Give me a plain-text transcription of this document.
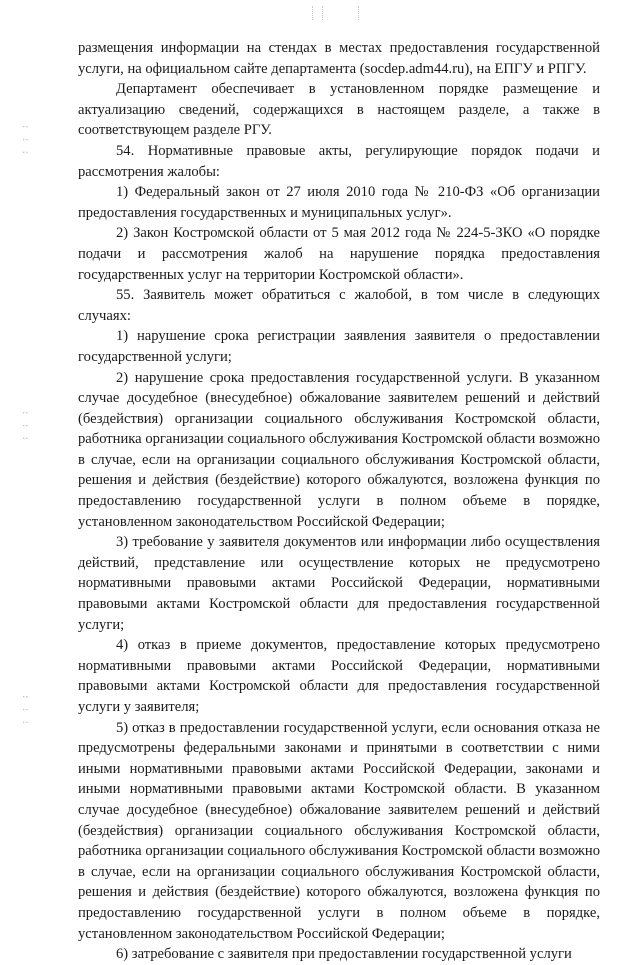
: : :
: : :
: : :

размещения информации на стендах в местах предоставления государственной услуги, на официальном сайте департамента (socdep.adm44.ru), на ЕПГУ и РПГУ.

Департамент обеспечивает в установленном порядке размещение и актуализацию сведений, содержащихся в настоящем разделе, а также в соответствующем разделе РГУ.

54. Нормативные правовые акты, регулирующие порядок подачи и рассмотрения жалобы:

1) Федеральный закон от 27 июля 2010 года № 210-ФЗ «Об организации предоставления государственных и муниципальных услуг».

2) Закон Костромской области от 5 мая 2012 года № 224-5-ЗКО «О порядке подачи и рассмотрения жалоб на нарушение порядка предоставления государственных услуг на территории Костромской области».

55. Заявитель может обратиться с жалобой, в том числе в следующих случаях:

1) нарушение срока регистрации заявления заявителя о предоставлении государственной услуги;

2) нарушение срока предоставления государственной услуги. В указанном случае досудебное (внесудебное) обжалование заявителем решений и действий (бездействия) организации социального обслуживания Костромской области, работника организации социального обслуживания Костромской области возможно в случае, если на организации социального обслуживания Костромской области, решения и действия (бездействие) которого обжалуются, возложена функция по предоставлению государственной услуги в полном объеме в порядке, установленном законодательством Российской Федерации;

3) требование у заявителя документов или информации либо осуществления действий, представление или осуществление которых не предусмотрено нормативными правовыми актами Российской Федерации, нормативными правовыми актами Костромской области для предоставления государственной услуги;

4) отказ в приеме документов, предоставление которых предусмотрено нормативными правовыми актами Российской Федерации, нормативными правовыми актами Костромской области для предоставления государственной услуги у заявителя;

5) отказ в предоставлении государственной услуги, если основания отказа не предусмотрены федеральными законами и принятыми в соответствии с ними иными нормативными правовыми актами Российской Федерации, законами и иными нормативными правовыми актами Костромской области. В указанном случае досудебное (внесудебное) обжалование заявителем решений и действий (бездействия) организации социального обслуживания Костромской области, работника организации социального обслуживания Костромской области возможно в случае, если на организации социального обслуживания Костромской области, решения и действия (бездействие) которого обжалуются, возложена функция по предоставлению государственной услуги в полном объеме в порядке, установленном законодательством Российской Федерации;

6) затребование с заявителя при предоставлении государственной услуги
